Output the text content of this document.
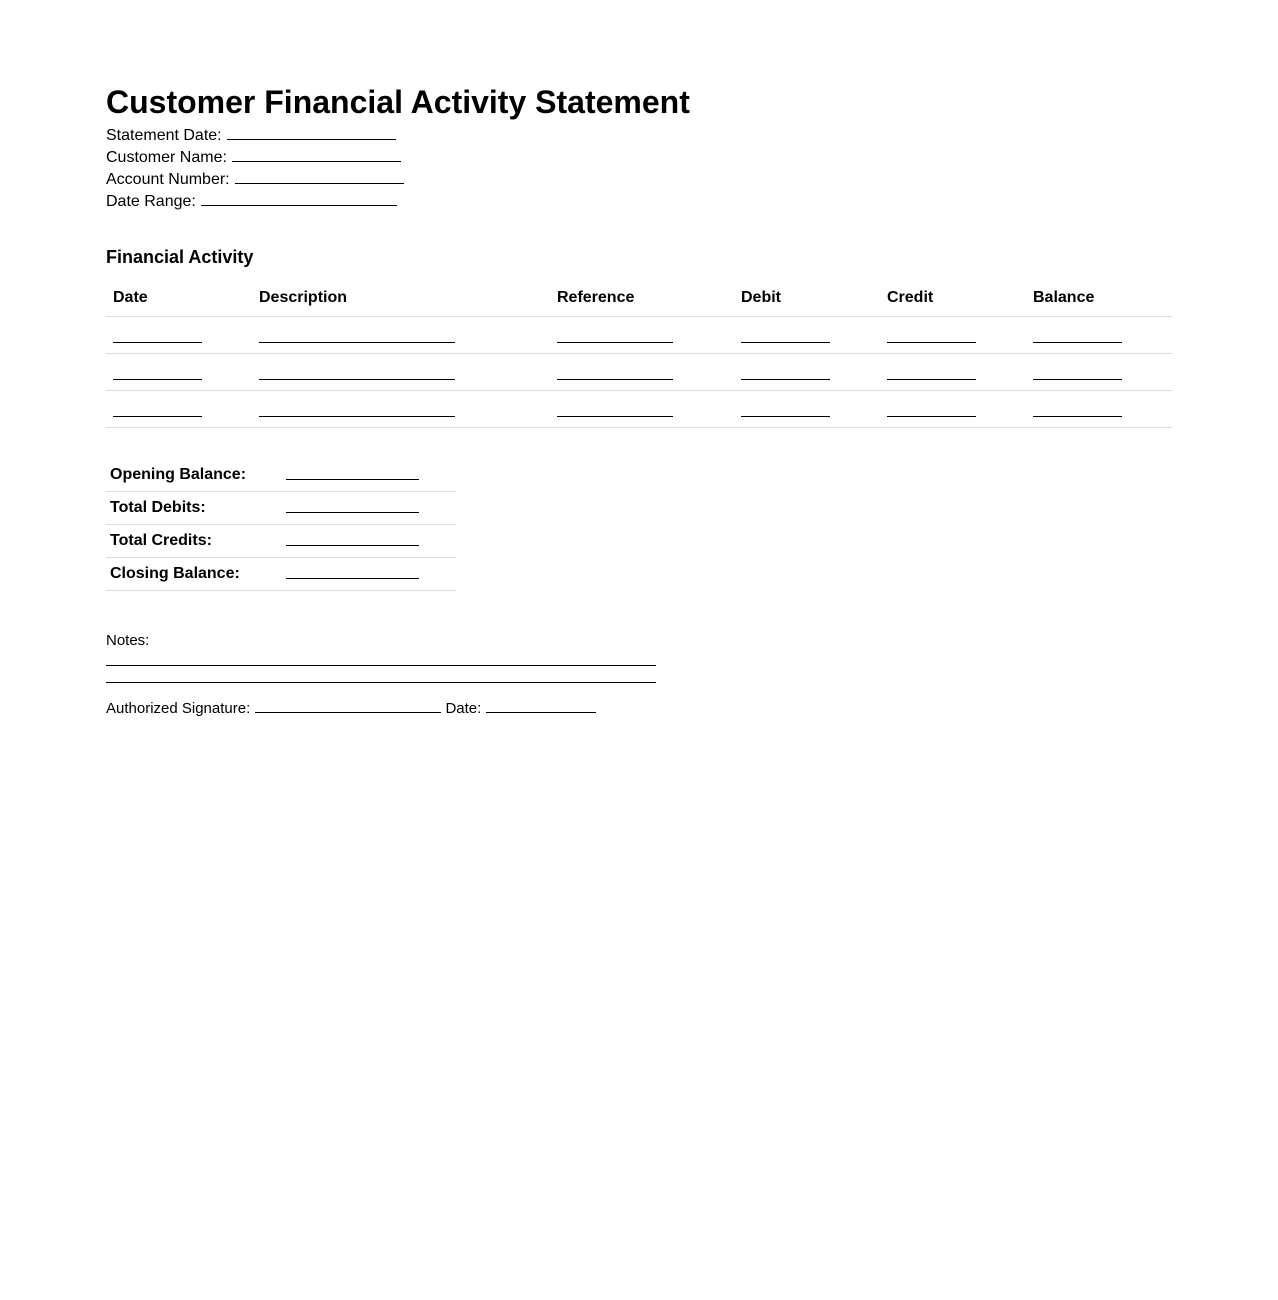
Customer Financial Activity Statement
Statement Date:
Customer Name:
Account Number:
Date Range:
Financial Activity
Date	Description	Reference	Debit	Credit	Balance

Opening Balance:	

Total Debits:	

Total Credits:	

Closing Balance:	
Notes:
Authorized Signature:	Date:
